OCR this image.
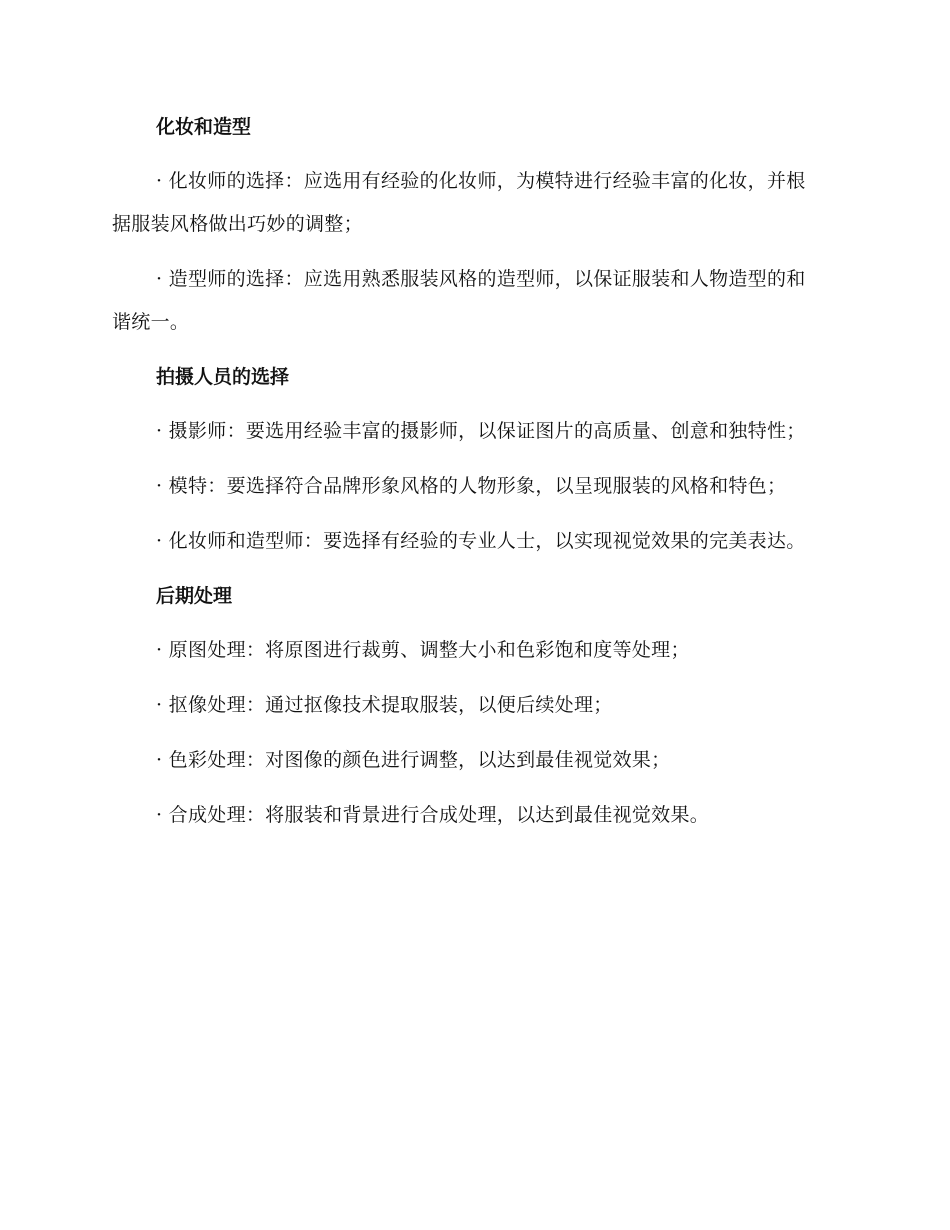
化妆和造型

· 化妆师的选择：应选用有经验的化妆师，为模特进行经验丰富的化妆，并根据服装风格做出巧妙的调整；

· 造型师的选择：应选用熟悉服装风格的造型师，以保证服装和人物造型的和谐统一。

拍摄人员的选择

· 摄影师：要选用经验丰富的摄影师，以保证图片的高质量、创意和独特性；

· 模特：要选择符合品牌形象风格的人物形象，以呈现服装的风格和特色；

· 化妆师和造型师：要选择有经验的专业人士，以实现视觉效果的完美表达。

后期处理

· 原图处理：将原图进行裁剪、调整大小和色彩饱和度等处理；

· 抠像处理：通过抠像技术提取服装，以便后续处理；

· 色彩处理：对图像的颜色进行调整，以达到最佳视觉效果；

· 合成处理：将服装和背景进行合成处理，以达到最佳视觉效果。
